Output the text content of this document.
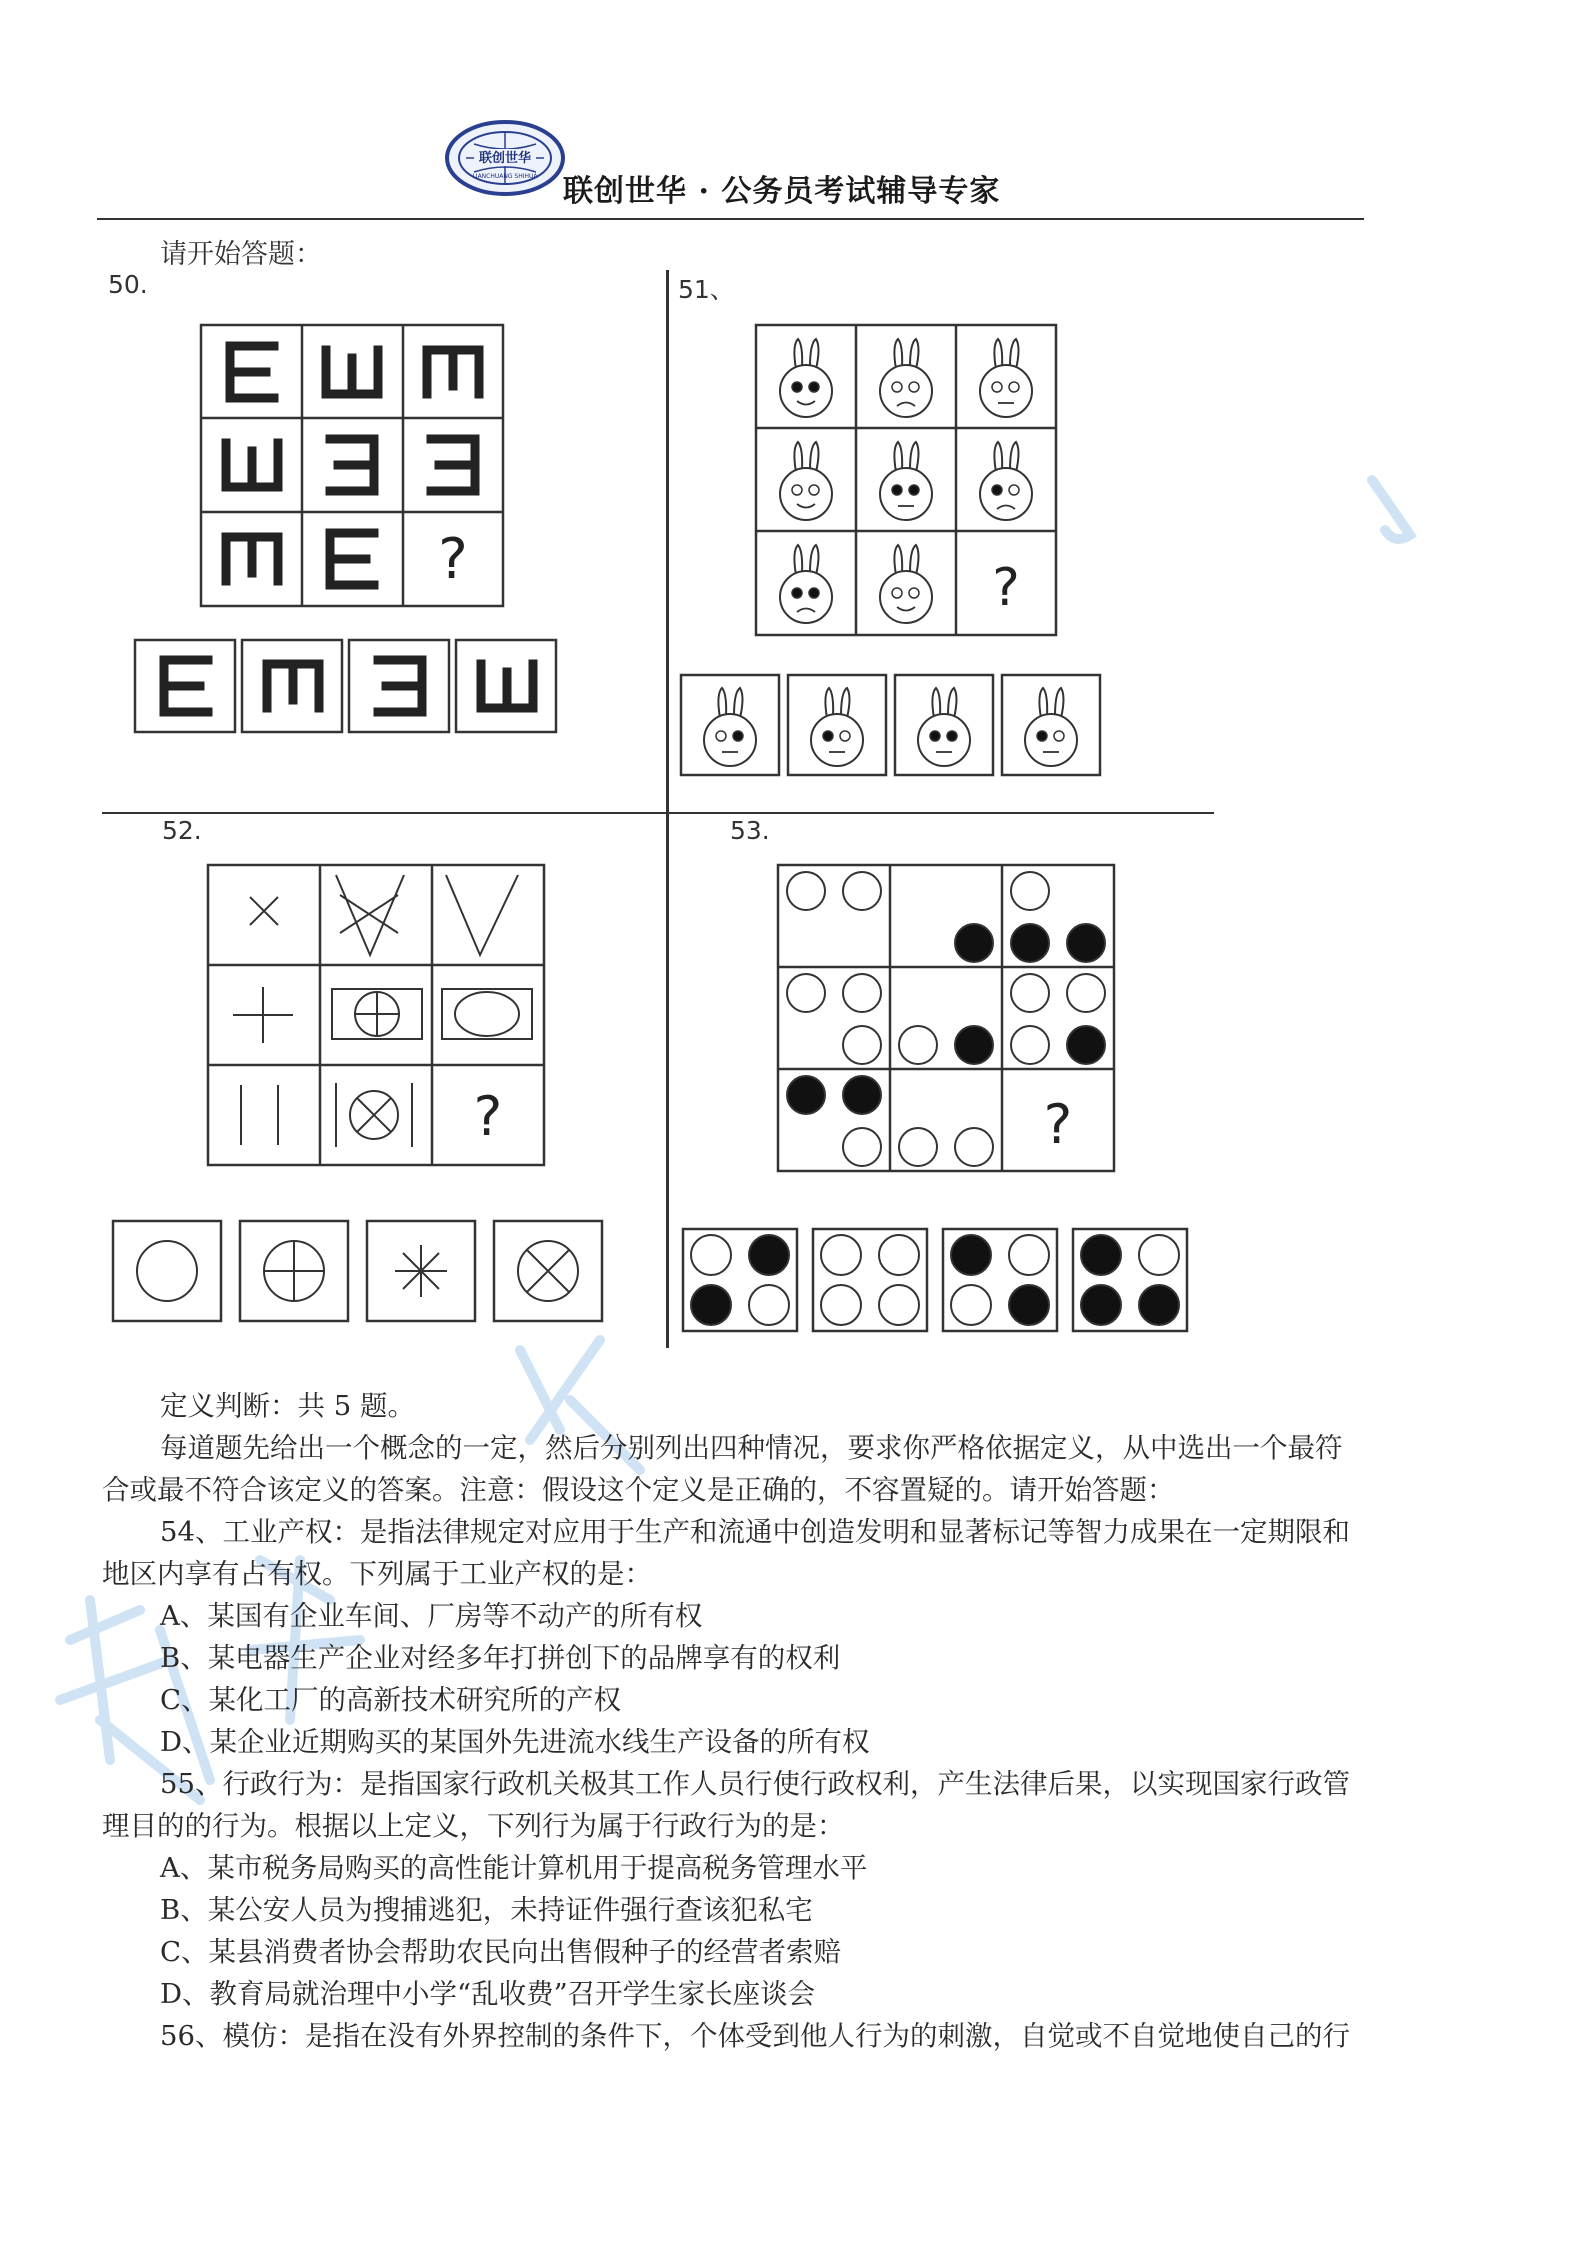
联创世华
LIANCHUANG SHIHUA 联创世华 · 公务员考试辅导专家
请开始答题：
50.	51、
52.	53.
?	?
?	?

定义判断：共 5 题。

每道题先给出一个概念的一定，然后分别列出四种情况，要求你严格依据定义，从中选出一个最符

合或最不符合该定义的答案。注意：假设这个定义是正确的，不容置疑的。请开始答题：

54、工业产权：是指法律规定对应用于生产和流通中创造发明和显著标记等智力成果在一定期限和

地区内享有占有权。下列属于工业产权的是：

A、某国有企业车间、厂房等不动产的所有权

B、某电器生产企业对经多年打拼创下的品牌享有的权利

C、某化工厂的高新技术研究所的产权

D、某企业近期购买的某国外先进流水线生产设备的所有权

55、行政行为：是指国家行政机关极其工作人员行使行政权利，产生法律后果，以实现国家行政管

理目的的行为。根据以上定义，下列行为属于行政行为的是：

A、某市税务局购买的高性能计算机用于提高税务管理水平

B、某公安人员为搜捕逃犯，未持证件强行查该犯私宅

C、某县消费者协会帮助农民向出售假种子的经营者索赔

D、教育局就治理中小学“乱收费”召开学生家长座谈会

56、模仿：是指在没有外界控制的条件下，个体受到他人行为的刺激，自觉或不自觉地使自己的行
